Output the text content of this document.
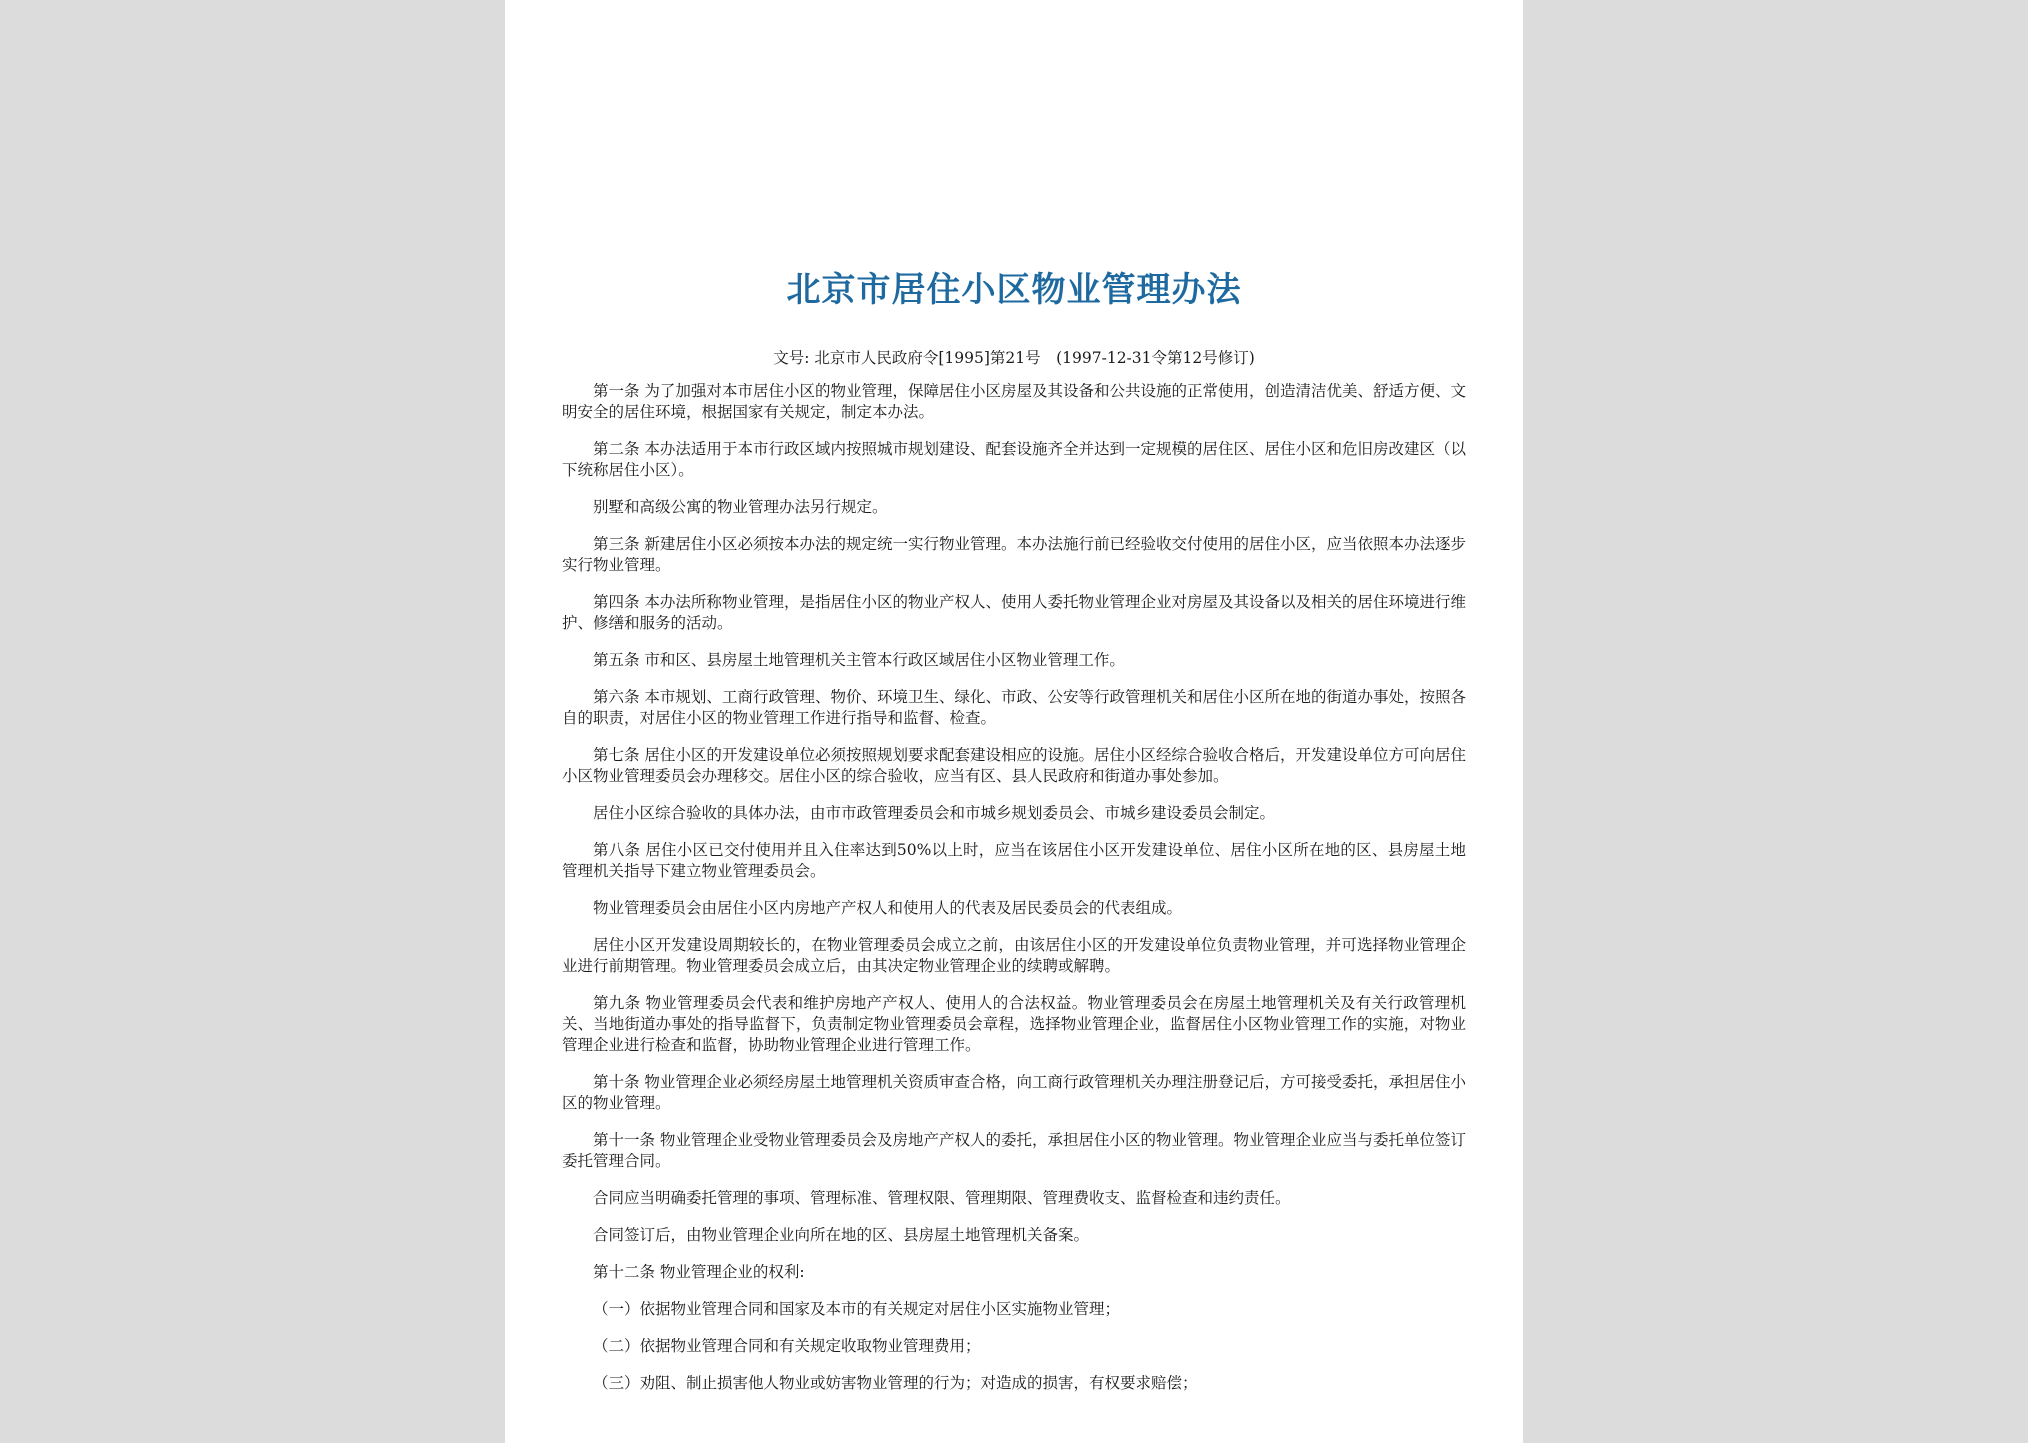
北京市居住小区物业管理办法
文号: 北京市人民政府令[1995]第21号　(1997-12-31令第12号修订)

第一条 为了加强对本市居住小区的物业管理，保障居住小区房屋及其设备和公共设施的正常使用，创造清洁优美、舒适方便、文明安全的居住环境，根据国家有关规定，制定本办法。

第二条 本办法适用于本市行政区域内按照城市规划建设、配套设施齐全并达到一定规模的居住区、居住小区和危旧房改建区（以下统称居住小区）。

别墅和高级公寓的物业管理办法另行规定。

第三条 新建居住小区必须按本办法的规定统一实行物业管理。本办法施行前已经验收交付使用的居住小区，应当依照本办法逐步实行物业管理。

第四条 本办法所称物业管理，是指居住小区的物业产权人、使用人委托物业管理企业对房屋及其设备以及相关的居住环境进行维护、修缮和服务的活动。

第五条 市和区、县房屋土地管理机关主管本行政区域居住小区物业管理工作。

第六条 本市规划、工商行政管理、物价、环境卫生、绿化、市政、公安等行政管理机关和居住小区所在地的街道办事处，按照各自的职责，对居住小区的物业管理工作进行指导和监督、检查。

第七条 居住小区的开发建设单位必须按照规划要求配套建设相应的设施。居住小区经综合验收合格后，开发建设单位方可向居住小区物业管理委员会办理移交。居住小区的综合验收，应当有区、县人民政府和街道办事处参加。

居住小区综合验收的具体办法，由市市政管理委员会和市城乡规划委员会、市城乡建设委员会制定。

第八条 居住小区已交付使用并且入住率达到50%以上时，应当在该居住小区开发建设单位、居住小区所在地的区、县房屋土地管理机关指导下建立物业管理委员会。

物业管理委员会由居住小区内房地产产权人和使用人的代表及居民委员会的代表组成。

居住小区开发建设周期较长的，在物业管理委员会成立之前，由该居住小区的开发建设单位负责物业管理，并可选择物业管理企业进行前期管理。物业管理委员会成立后，由其决定物业管理企业的续聘或解聘。

第九条 物业管理委员会代表和维护房地产产权人、使用人的合法权益。物业管理委员会在房屋土地管理机关及有关行政管理机关、当地街道办事处的指导监督下，负责制定物业管理委员会章程，选择物业管理企业，监督居住小区物业管理工作的实施，对物业管理企业进行检查和监督，协助物业管理企业进行管理工作。

第十条 物业管理企业必须经房屋土地管理机关资质审查合格，向工商行政管理机关办理注册登记后，方可接受委托，承担居住小区的物业管理。

第十一条 物业管理企业受物业管理委员会及房地产产权人的委托，承担居住小区的物业管理。物业管理企业应当与委托单位签订委托管理合同。

合同应当明确委托管理的事项、管理标准、管理权限、管理期限、管理费收支、监督检查和违约责任。

合同签订后，由物业管理企业向所在地的区、县房屋土地管理机关备案。

第十二条 物业管理企业的权利:

（一）依据物业管理合同和国家及本市的有关规定对居住小区实施物业管理；

（二）依据物业管理合同和有关规定收取物业管理费用；

（三）劝阻、制止损害他人物业或妨害物业管理的行为；对造成的损害，有权要求赔偿；
